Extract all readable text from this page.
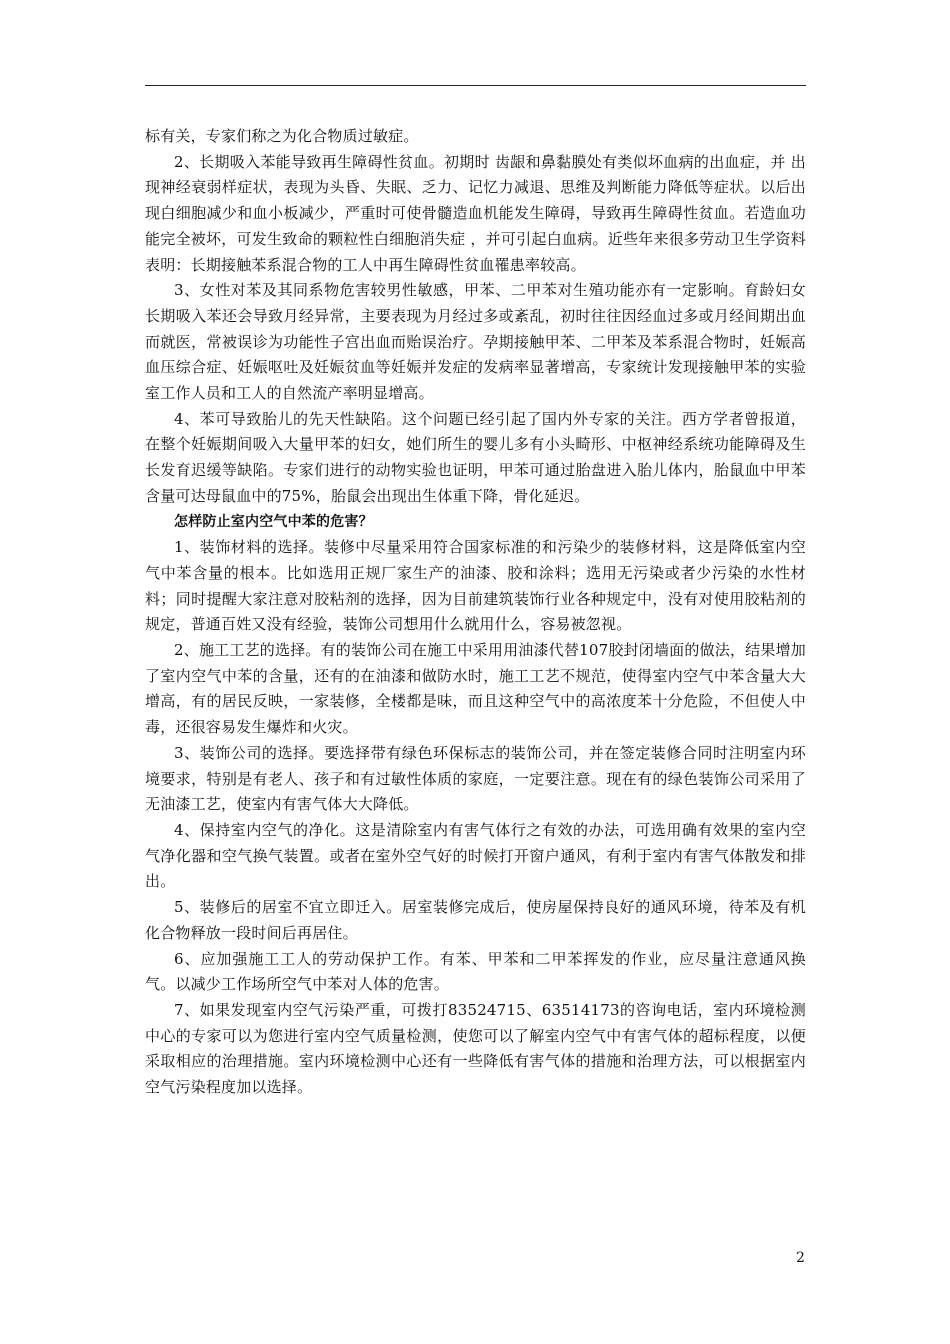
标有关，专家们称之为化合物质过敏症。

2、长期吸入苯能导致再生障碍性贫血。初期时 齿龈和鼻黏膜处有类似坏血病的出血症，并 出现神经衰弱样症状，表现为头昏、失眠、乏力、记忆力减退、思维及判断能力降低等症状。以后出现白细胞减少和血小板减少，严重时可使骨髓造血机能发生障碍，导致再生障碍性贫血。若造血功能完全被坏，可发生致命的颗粒性白细胞消失症 ，并可引起白血病。近些年来很多劳动卫生学资料表明：长期接触苯系混合物的工人中再生障碍性贫血罹患率较高。

3、女性对苯及其同系物危害较男性敏感，甲苯、二甲苯对生殖功能亦有一定影响。育龄妇女长期吸入苯还会导致月经异常，主要表现为月经过多或紊乱，初时往往因经血过多或月经间期出血而就医，常被误诊为功能性子宫出血而贻误治疗。孕期接触甲苯、二甲苯及苯系混合物时，妊娠高血压综合症、妊娠呕吐及妊娠贫血等妊娠并发症的发病率显著增高，专家统计发现接触甲苯的实验室工作人员和工人的自然流产率明显增高。

4、苯可导致胎儿的先天性缺陷。这个问题已经引起了国内外专家的关注。西方学者曾报道，在整个妊娠期间吸入大量甲苯的妇女，她们所生的婴儿多有小头畸形、中枢神经系统功能障碍及生长发育迟缓等缺陷。专家们进行的动物实验也证明，甲苯可通过胎盘进入胎儿体内，胎鼠血中甲苯含量可达母鼠血中的75%，胎鼠会出现出生体重下降，骨化延迟。

怎样防止室内空气中苯的危害？

1、装饰材料的选择。装修中尽量采用符合国家标准的和污染少的装修材料，这是降低室内空气中苯含量的根本。比如选用正规厂家生产的油漆、胶和涂料；选用无污染或者少污染的水性材料；同时提醒大家注意对胶粘剂的选择，因为目前建筑装饰行业各种规定中，没有对使用胶粘剂的规定，普通百姓又没有经验，装饰公司想用什么就用什么，容易被忽视。

2、施工工艺的选择。有的装饰公司在施工中采用用油漆代替107胶封闭墙面的做法，结果增加了室内空气中苯的含量，还有的在油漆和做防水时，施工工艺不规范，使得室内空气中苯含量大大增高，有的居民反映，一家装修，全楼都是味，而且这种空气中的高浓度苯十分危险，不但使人中毒，还很容易发生爆炸和火灾。

3、装饰公司的选择。要选择带有绿色环保标志的装饰公司，并在签定装修合同时注明室内环境要求，特别是有老人、孩子和有过敏性体质的家庭，一定要注意。现在有的绿色装饰公司采用了无油漆工艺，使室内有害气体大大降低。

4、保持室内空气的净化。这是清除室内有害气体行之有效的办法，可选用确有效果的室内空气净化器和空气换气装置。或者在室外空气好的时候打开窗户通风，有利于室内有害气体散发和排出。

5、装修后的居室不宜立即迁入。居室装修完成后，使房屋保持良好的通风环境，待苯及有机化合物释放一段时间后再居住。

6、应加强施工工人的劳动保护工作。有苯、甲苯和二甲苯挥发的作业，应尽量注意通风换气。以减少工作场所空气中苯对人体的危害。

7、如果发现室内空气污染严重，可拨打83524715、63514173的咨询电话，室内环境检测中心的专家可以为您进行室内空气质量检测，使您可以了解室内空气中有害气体的超标程度，以便采取相应的治理措施。室内环境检测中心还有一些降低有害气体的措施和治理方法，可以根据室内空气污染程度加以选择。

2
